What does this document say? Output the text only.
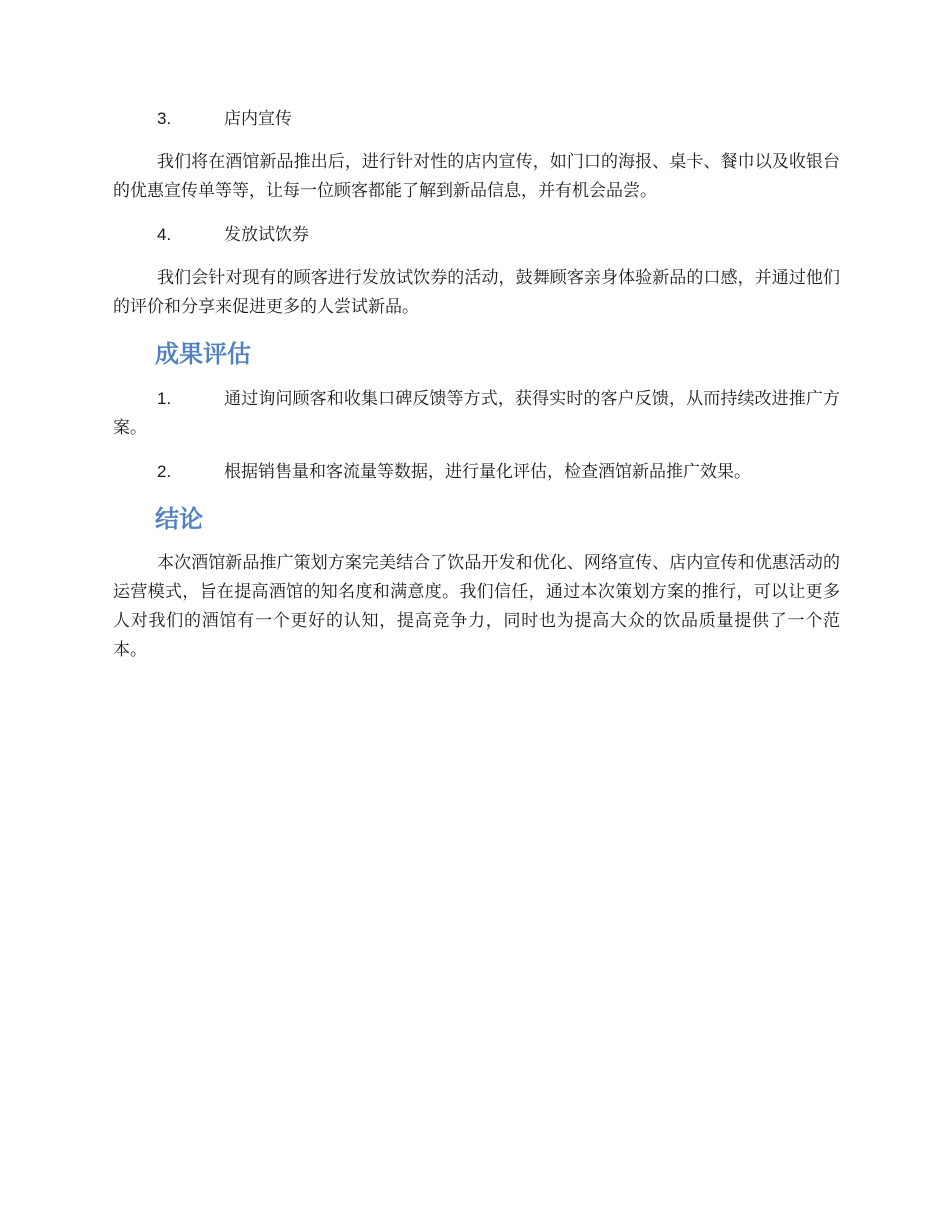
3.	店内宣传

我们将在酒馆新品推出后，进行针对性的店内宣传，如门口的海报、桌卡、餐巾以及收银台的优惠宣传单等等，让每一位顾客都能了解到新品信息，并有机会品尝。

4.	发放试饮券

我们会针对现有的顾客进行发放试饮券的活动，鼓舞顾客亲身体验新品的口感，并通过他们的评价和分享来促进更多的人尝试新品。

成果评估
1.	通过询问顾客和收集口碑反馈等方式，获得实时的客户反馈，从而持续改进推广方案。
2.	根据销售量和客流量等数据，进行量化评估，检查酒馆新品推广效果。
结论

本次酒馆新品推广策划方案完美结合了饮品开发和优化、网络宣传、店内宣传和优惠活动的运营模式，旨在提高酒馆的知名度和满意度。我们信任，通过本次策划方案的推行，可以让更多人对我们的酒馆有一个更好的认知，提高竞争力，同时也为提高大众的饮品质量提供了一个范本。
